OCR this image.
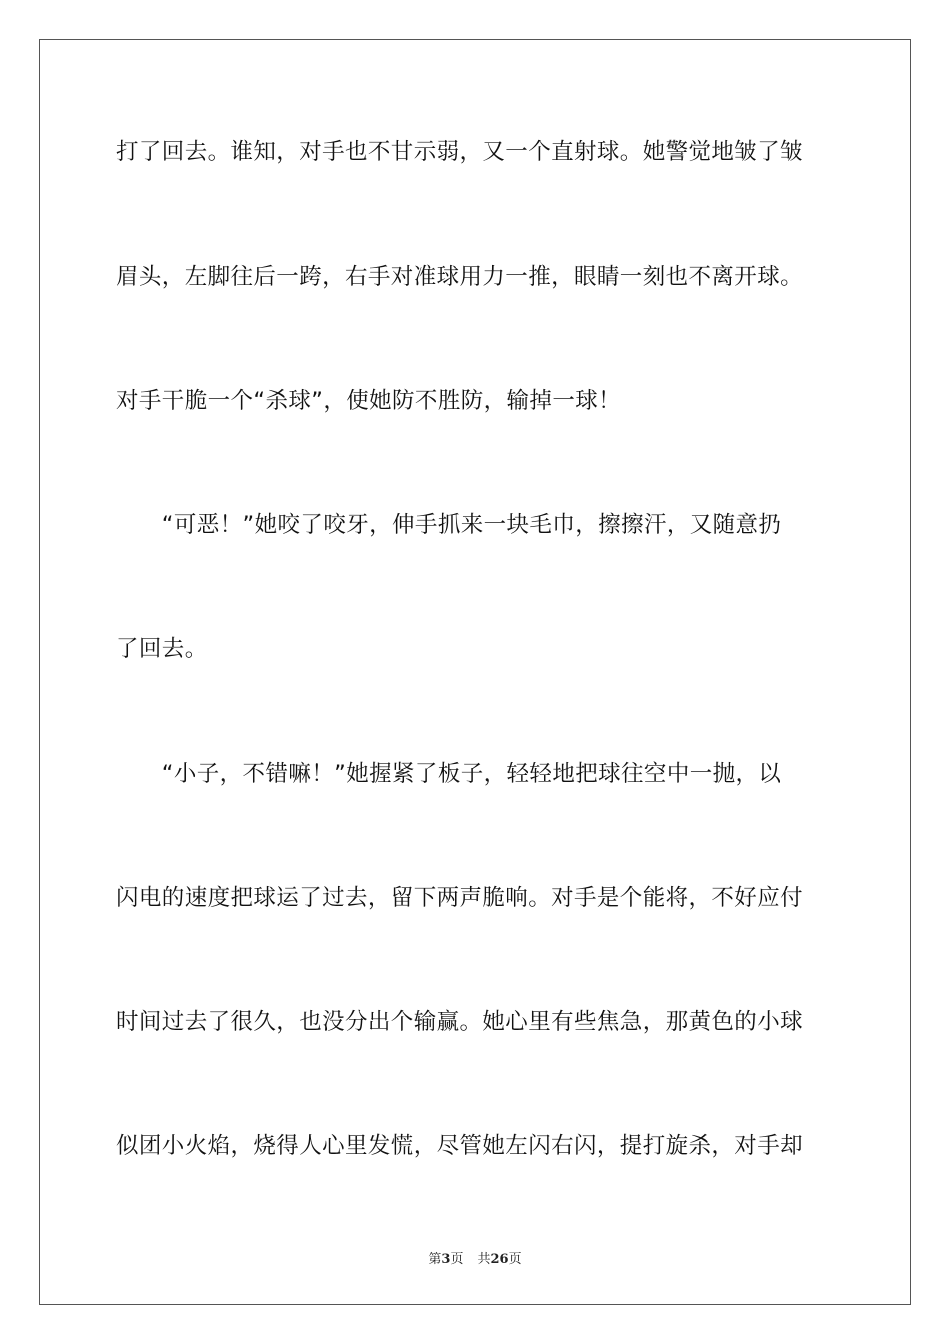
打了回去。谁知，对手也不甘示弱，又一个直射球。她警觉地皱了皱
眉头，左脚往后一跨，右手对准球用力一推，眼睛一刻也不离开球。
对手干脆一个“杀球”，使她防不胜防，输掉一球！
　　“可恶！”她咬了咬牙，伸手抓来一块毛巾，擦擦汗，又随意扔
了回去。
　　“小子，不错嘛！”她握紧了板子，轻轻地把球往空中一抛，以
闪电的速度把球运了过去，留下两声脆响。对手是个能将，不好应付
时间过去了很久，也没分出个输赢。她心里有些焦急，那黄色的小球
似团小火焰，烧得人心里发慌，尽管她左闪右闪，提打旋杀，对手却
第3页 共26页
